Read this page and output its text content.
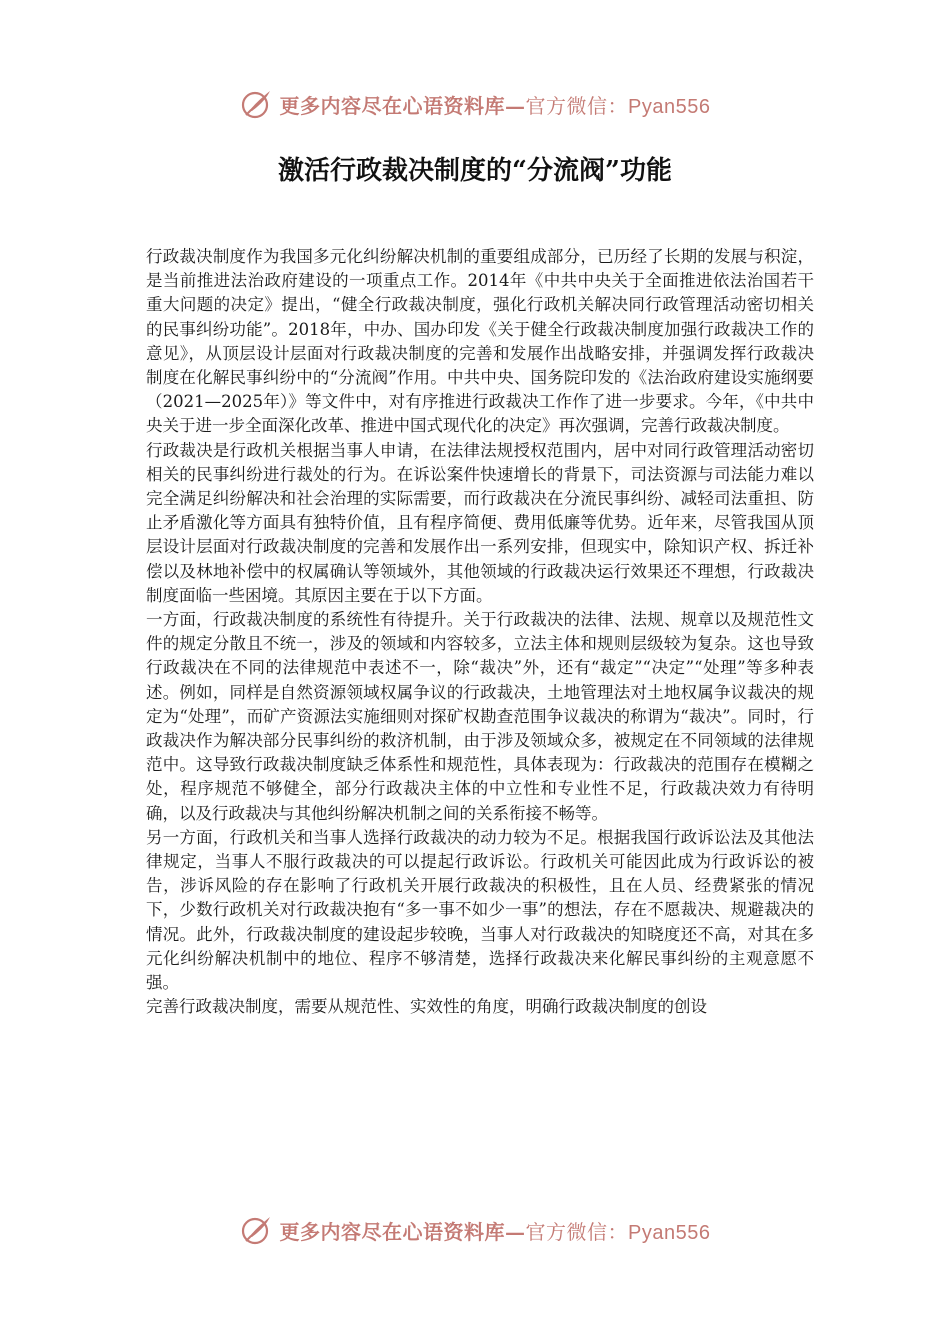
更多内容尽在心语资料库—官方微信：Pyan556
激活行政裁决制度的“分流阀”功能

行政裁决制度作为我国多元化纠纷解决机制的重要组成部分，已历经了长期的发展与积淀，是当前推进法治政府建设的一项重点工作。2014年《中共中央关于全面推进依法治国若干重大问题的决定》提出，“健全行政裁决制度，强化行政机关解决同行政管理活动密切相关的民事纠纷功能”。2018年，中办、国办印发《关于健全行政裁决制度加强行政裁决工作的意见》，从顶层设计层面对行政裁决制度的完善和发展作出战略安排，并强调发挥行政裁决制度在化解民事纠纷中的“分流阀”作用。中共中央、国务院印发的《法治政府建设实施纲要（2021—2025年）》等文件中，对有序推进行政裁决工作作了进一步要求。今年，《中共中央关于进一步全面深化改革、推进中国式现代化的决定》再次强调，完善行政裁决制度。

行政裁决是行政机关根据当事人申请，在法律法规授权范围内，居中对同行政管理活动密切相关的民事纠纷进行裁处的行为。在诉讼案件快速增长的背景下，司法资源与司法能力难以完全满足纠纷解决和社会治理的实际需要，而行政裁决在分流民事纠纷、减轻司法重担、防止矛盾激化等方面具有独特价值，且有程序简便、费用低廉等优势。近年来，尽管我国从顶层设计层面对行政裁决制度的完善和发展作出一系列安排，但现实中，除知识产权、拆迁补偿以及林地补偿中的权属确认等领域外，其他领域的行政裁决运行效果还不理想，行政裁决制度面临一些困境。其原因主要在于以下方面。

一方面，行政裁决制度的系统性有待提升。关于行政裁决的法律、法规、规章以及规范性文件的规定分散且不统一，涉及的领域和内容较多，立法主体和规则层级较为复杂。这也导致行政裁决在不同的法律规范中表述不一，除“裁决”外，还有“裁定”“决定”“处理”等多种表述。例如，同样是自然资源领域权属争议的行政裁决，土地管理法对土地权属争议裁决的规定为“处理”，而矿产资源法实施细则对探矿权勘查范围争议裁决的称谓为“裁决”。同时，行政裁决作为解决部分民事纠纷的救济机制，由于涉及领域众多，被规定在不同领域的法律规范中。这导致行政裁决制度缺乏体系性和规范性，具体表现为：行政裁决的范围存在模糊之处，程序规范不够健全，部分行政裁决主体的中立性和专业性不足，行政裁决效力有待明确，以及行政裁决与其他纠纷解决机制之间的关系衔接不畅等。

另一方面，行政机关和当事人选择行政裁决的动力较为不足。根据我国行政诉讼法及其他法律规定，当事人不服行政裁决的可以提起行政诉讼。行政机关可能因此成为行政诉讼的被告，涉诉风险的存在影响了行政机关开展行政裁决的积极性，且在人员、经费紧张的情况下，少数行政机关对行政裁决抱有“多一事不如少一事”的想法，存在不愿裁决、规避裁决的情况。此外，行政裁决制度的建设起步较晚，当事人对行政裁决的知晓度还不高，对其在多元化纠纷解决机制中的地位、程序不够清楚，选择行政裁决来化解民事纠纷的主观意愿不强。

完善行政裁决制度，需要从规范性、实效性的角度，明确行政裁决制度的创设

更多内容尽在心语资料库—官方微信：Pyan556
